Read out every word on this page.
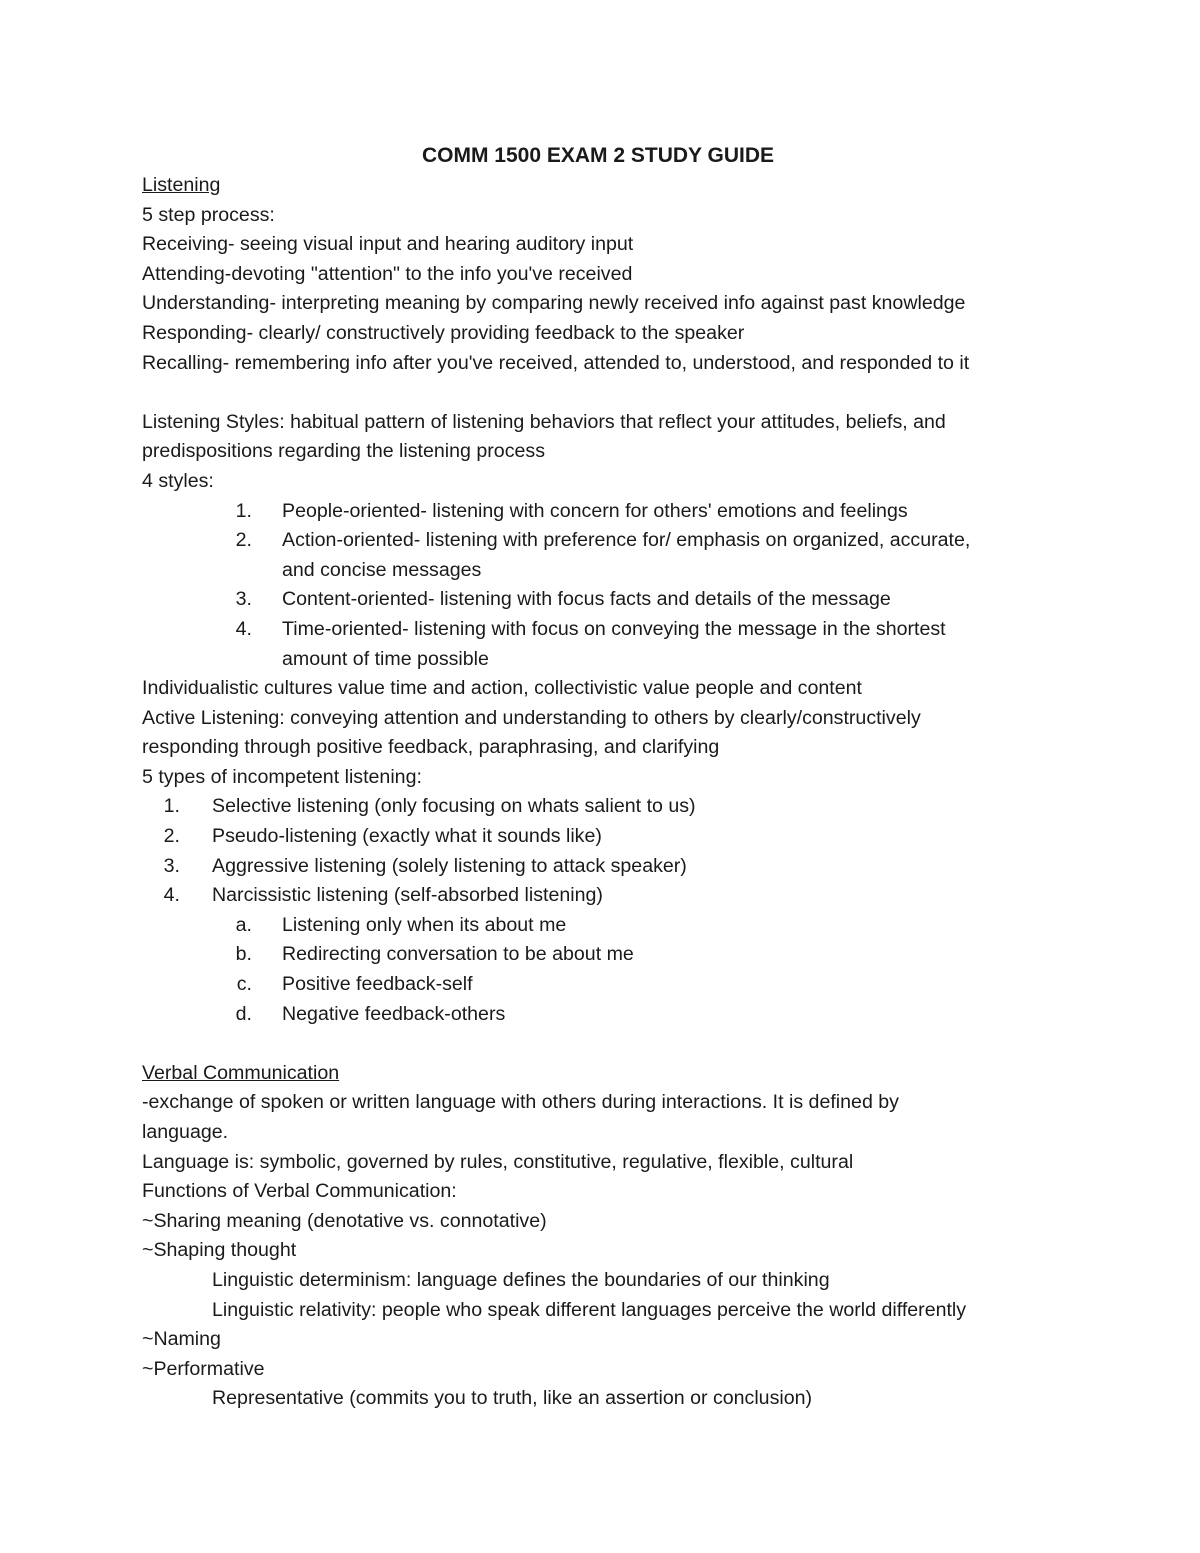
COMM 1500 EXAM 2 STUDY GUIDE
Listening
5 step process:
Receiving- seeing visual input and hearing auditory input
Attending-devoting "attention" to the info you've received
Understanding- interpreting meaning by comparing newly received info against past knowledge
Responding- clearly/ constructively providing feedback to the speaker
Recalling- remembering info after you've received, attended to, understood, and responded to it
Listening Styles: habitual pattern of listening behaviors that reflect your attitudes, beliefs, and
predispositions regarding the listening process
4 styles:
1. People-oriented- listening with concern for others' emotions and feelings
2. Action-oriented- listening with preference for/ emphasis on organized, accurate,
and concise messages
3. Content-oriented- listening with focus facts and details of the message
4. Time-oriented- listening with focus on conveying the message in the shortest
amount of time possible
Individualistic cultures value time and action, collectivistic value people and content
Active Listening: conveying attention and understanding to others by clearly/constructively
responding through positive feedback, paraphrasing, and clarifying
5 types of incompetent listening:
1. Selective listening (only focusing on whats salient to us)
2. Pseudo-listening (exactly what it sounds like)
3. Aggressive listening (solely listening to attack speaker)
4. Narcissistic listening (self-absorbed listening)
a. Listening only when its about me
b. Redirecting conversation to be about me
c. Positive feedback-self
d. Negative feedback-others
Verbal Communication
-exchange of spoken or written language with others during interactions. It is defined by
language.
Language is: symbolic, governed by rules, constitutive, regulative, flexible, cultural
Functions of Verbal Communication:
~Sharing meaning (denotative vs. connotative)
~Shaping thought
Linguistic determinism: language defines the boundaries of our thinking
Linguistic relativity: people who speak different languages perceive the world differently
~Naming
~Performative
Representative (commits you to truth, like an assertion or conclusion)
